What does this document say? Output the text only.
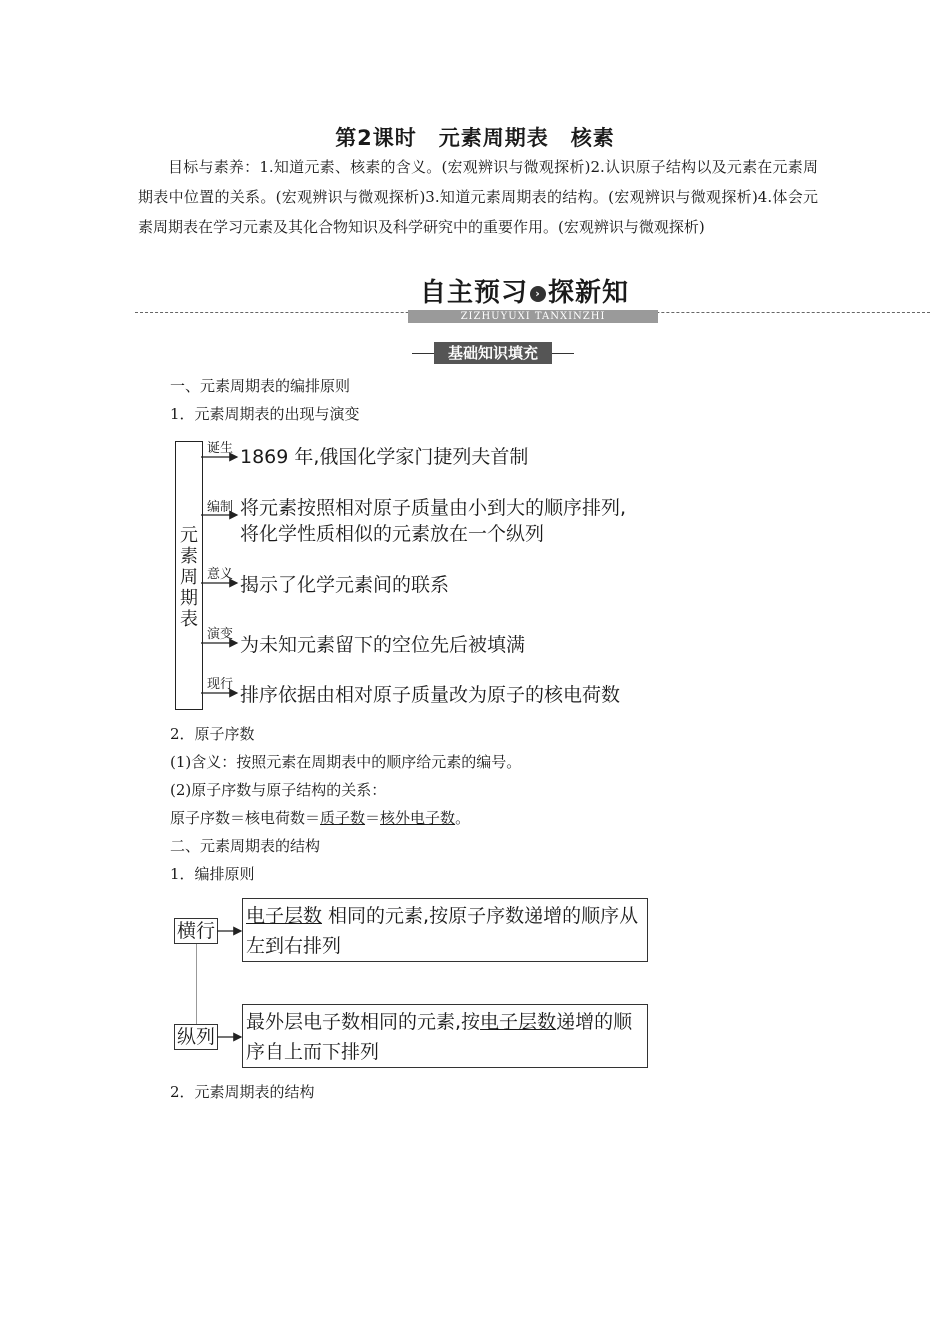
第2课时　元素周期表　核素
目标与素养：1.知道元素、核素的含义。(宏观辨识与微观探析)2.认识原子结构以及元素在元素周期表中位置的关系。(宏观辨识与微观探析)3.知道元素周期表的结构。(宏观辨识与微观探析)4.体会元素周期表在学习元素及其化合物知识及科学研究中的重要作用。(宏观辨识与微观探析)
自主预习 › 探新知
ZIZHUYUXI TANXINZHI
基础知识填充
一、元素周期表的编排原则
1．元素周期表的出现与演变
元素周期表
诞生 1869 年,俄国化学家门捷列夫首制
编制 将元素按照相对原子质量由小到大的顺序排列,
将化学性质相似的元素放在一个纵列
意义 揭示了化学元素间的联系
演变 为未知元素留下的空位先后被填满
现行 排序依据由相对原子质量改为原子的核电荷数
2．原子序数
(1)含义：按照元素在周期表中的顺序给元素的编号。
(2)原子序数与原子结构的关系：
原子序数＝核电荷数＝质子数＝核外电子数。
二、元素周期表的结构
1．编排原则
横行
纵列
电子层数 相同的元素,按原子序数递增的顺序从
左到右排列
最外层电子数相同的元素,按电子层数递增的顺
序自上而下排列
2．元素周期表的结构
